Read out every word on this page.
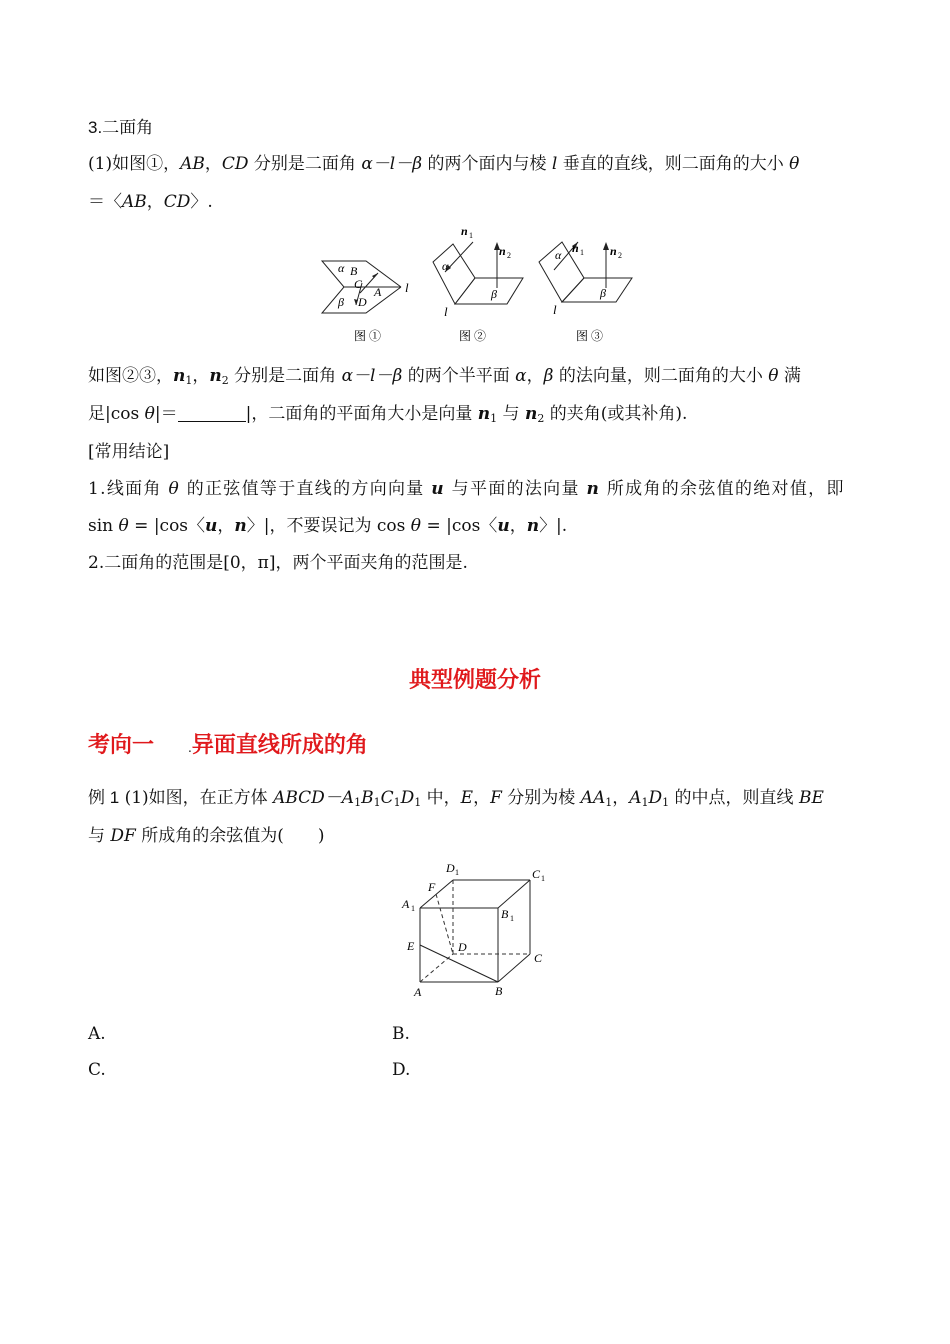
3.二面角
(1)如图①，AB，CD 分别是二面角 α－l－β 的两个面内与棱 l 垂直的直线，则二面角的大小 θ
＝〈AB，CD〉.
α B
C
A
D
β
l
图 ①
n 1
n 2
α
β
l
图 ②
n 1 n 2
α
β
l
图 ③
如图②③，$n_1$，$n_2$ 分别是二面角 α－l－β 的两个半平面 α，β 的法向量，则二面角的大小 θ 满
足|cos θ|＝	|，二面角的平面角大小是向量 $n_1$ 与 $n_2$ 的夹角(或其补角).
[常用结论]
1.线面角 θ 的正弦值等于直线的方向向量 u 与平面的法向量 n 所成角的余弦值的绝对值，即
sin θ = |cos〈u，n〉|，不要误记为 cos θ = |cos〈u，n〉|.
2.二面角的范围是[0，π]，两个平面夹角的范围是.
典型例题分析
考向一	.异面直线所成的角
例 1 (1)如图，在正方体 $ABCD-A_1B_1C_1D_1$ 中，E，F 分别为棱 $AA_1$，$A_1D_1$ 的中点，则直线 BE
与 DF 所成角的余弦值为(　　)
D 1	C 1
F
A 1	B 1
E	D
C
A	B
A.	B.
C.	D.
